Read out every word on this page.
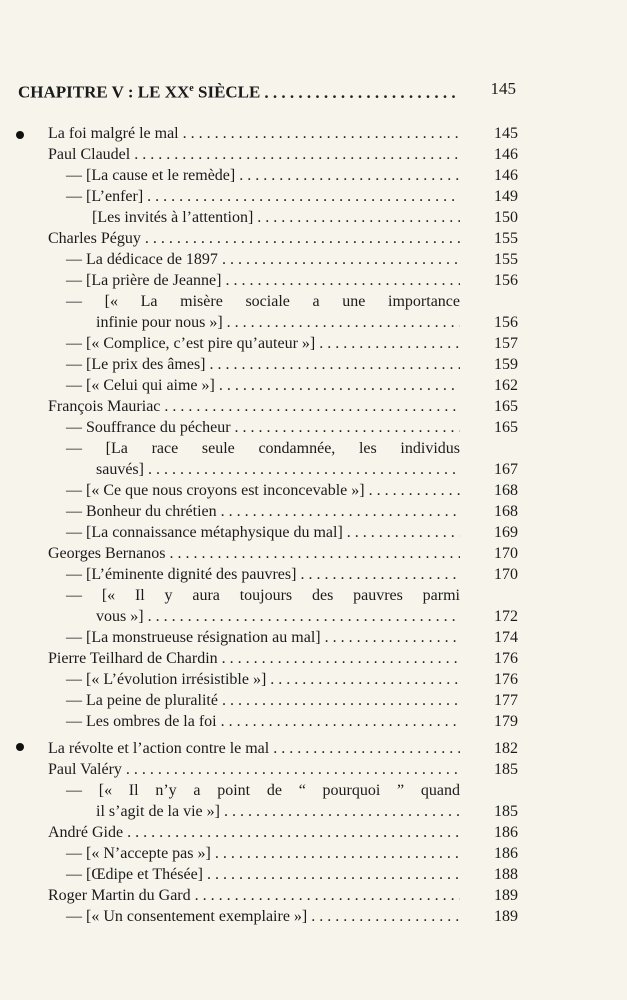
CHAPITRE V : LE XXe SIÈCLE . . .	145
La foi malgré le mal . . .	145
Paul Claudel . . .	146
— [La cause et le remède] . . .	146
— [L’enfer] . . .	149
[Les invités à l’attention] . . .	150
Charles Péguy . . .	155
— La dédicace de 1897 . . .	155
— [La prière de Jeanne] . . .	156
— [« La misère sociale a une importance
infinie pour nous »] . . .	156
— [« Complice, c’est pire qu’auteur »] . . .	157
— [Le prix des âmes] . . .	159
— [« Celui qui aime »] . . .	162
François Mauriac . . .	165
— Souffrance du pécheur . . .	165
— [La race seule condamnée, les individus
sauvés] . . .	167
— [« Ce que nous croyons est inconcevable »] . . .	168
— Bonheur du chrétien . . .	168
— [La connaissance métaphysique du mal] . . .	169
Georges Bernanos . . .	170
— [L’éminente dignité des pauvres] . . .	170
— [« Il y aura toujours des pauvres parmi
vous »] . . .	172
— [La monstrueuse résignation au mal] . . .	174
Pierre Teilhard de Chardin . . .	176
— [« L’évolution irrésistible »] . . .	176
— La peine de pluralité . . .	177
— Les ombres de la foi . . .	179
La révolte et l’action contre le mal . . .	182
Paul Valéry . . .	185
— [« Il n’y a point de “ pourquoi ” quand
il s’agit de la vie »] . . .	185
André Gide . . .	186
— [« N’accepte pas »] . . .	186
— [Œdipe et Thésée] . . .	188
Roger Martin du Gard . . .	189
— [« Un consentement exemplaire »] . . .	189
